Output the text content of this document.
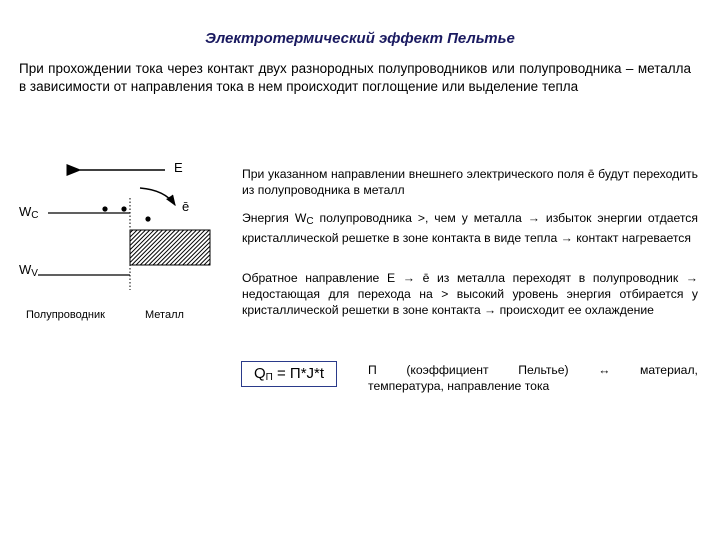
Электротермический эффект Пельтье
При прохождении тока через контакт двух разнородных полупроводников или полупроводника – металла в зависимости от направления тока в нем происходит поглощение или выделение тепла
E
ē
$W_C$
$W_V$
Полупроводник	Металл
При указанном направлении внешнего электрического поля ē будут переходить из полупроводника в металл
Энергия $W_C$ полупроводника >, чем у металла → избыток энергии отдается кристаллической решетке в зоне контакта в виде тепла → контакт нагревается
Обратное направление E → ē из металла переходят в полупроводник → недостающая для перехода на > высокий уровень энергия отбирается у кристаллической решетки в зоне контакта → происходит ее охлаждение
QП = П*J*t	П (коэффициент Пельтье) ↔ материал,
температура, направление тока
